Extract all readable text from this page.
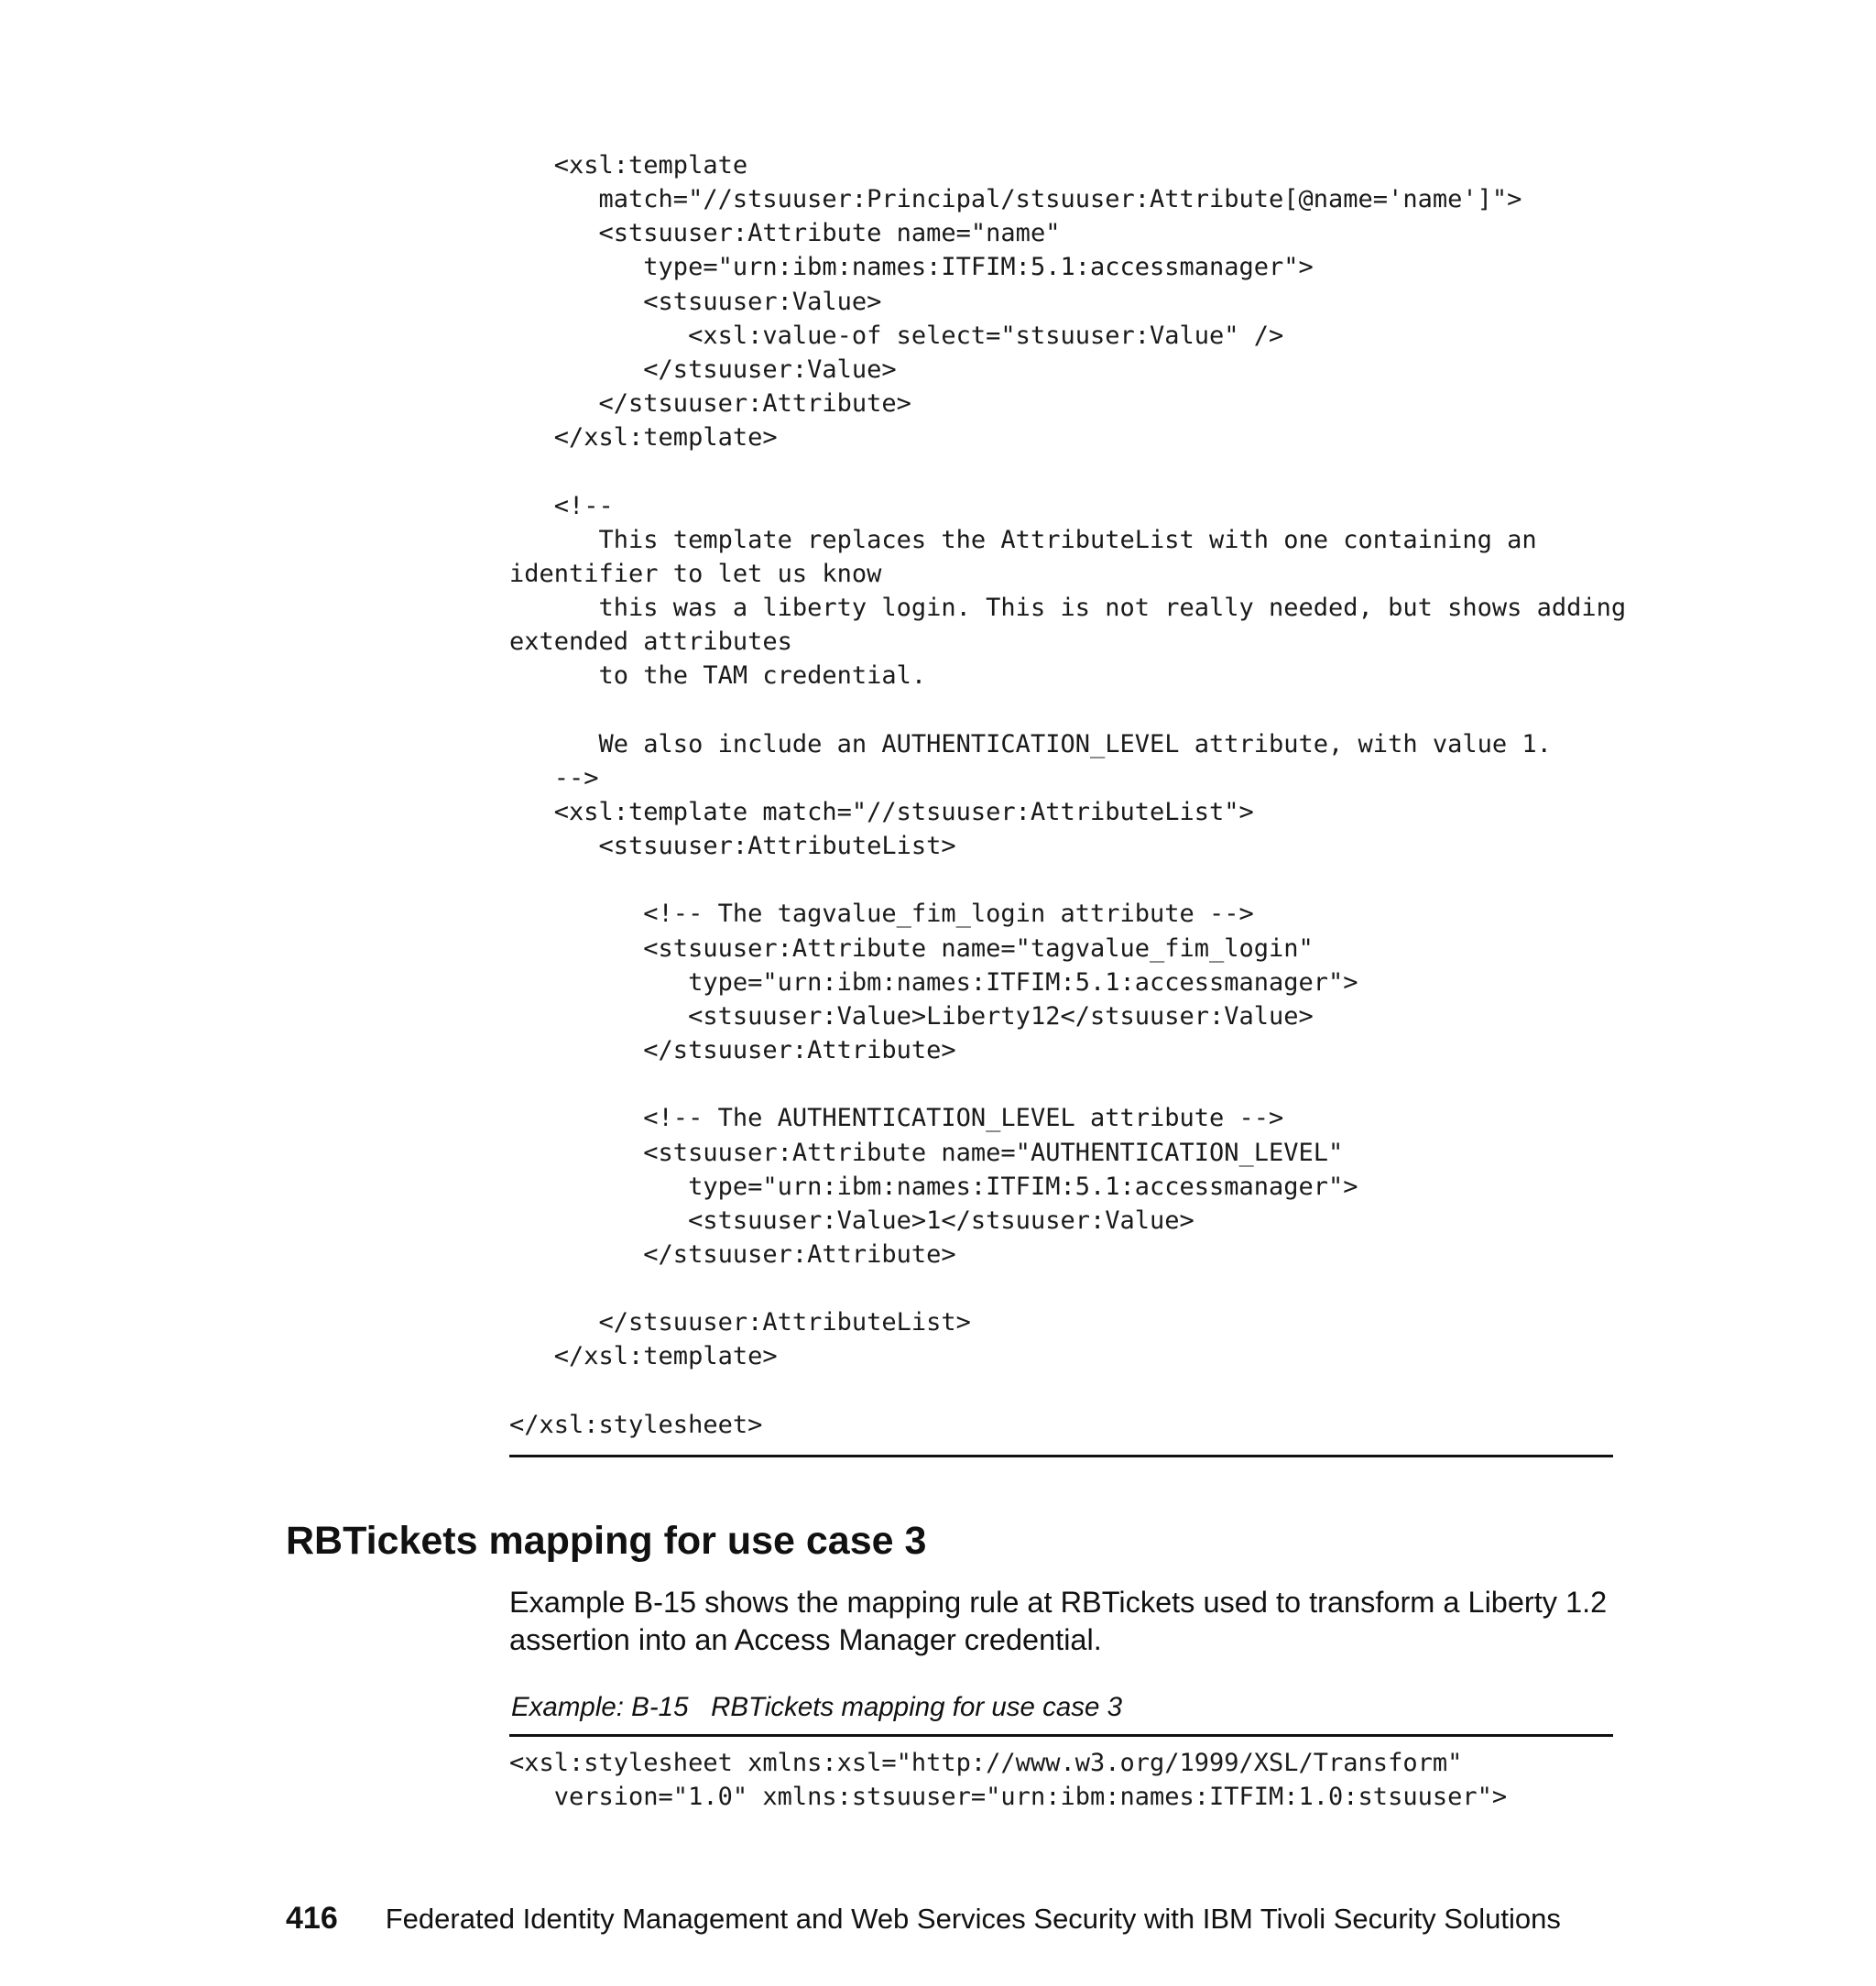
<xsl:template
match="//stsuuser:Principal/stsuuser:Attribute[@name='name']">
<stsuuser:Attribute name="name"
type="urn:ibm:names:ITFIM:5.1:accessmanager">
<stsuuser:Value>
<xsl:value-of select="stsuuser:Value" />
</stsuuser:Value>
</stsuuser:Attribute>
</xsl:template>

<!--
This template replaces the AttributeList with one containing an
identifier to let us know
this was a liberty login. This is not really needed, but shows adding
extended attributes
to the TAM credential.

We also include an AUTHENTICATION_LEVEL attribute, with value 1.
-->
<xsl:template match="//stsuuser:AttributeList">
<stsuuser:AttributeList>

<!-- The tagvalue_fim_login attribute -->
<stsuuser:Attribute name="tagvalue_fim_login"
type="urn:ibm:names:ITFIM:5.1:accessmanager">
<stsuuser:Value>Liberty12</stsuuser:Value>
</stsuuser:Attribute>

<!-- The AUTHENTICATION_LEVEL attribute -->
<stsuuser:Attribute name="AUTHENTICATION_LEVEL"
type="urn:ibm:names:ITFIM:5.1:accessmanager">
<stsuuser:Value>1</stsuuser:Value>
</stsuuser:Attribute>

</stsuuser:AttributeList>
</xsl:template>

</xsl:stylesheet>

RBTickets mapping for use case 3

Example B-15 shows the mapping rule at RBTickets used to transform a Liberty 1.2 assertion into an Access Manager credential.

Example: B-15   RBTickets mapping for use case 3
<xsl:stylesheet xmlns:xsl="http://www.w3.org/1999/XSL/Transform"
version="1.0" xmlns:stsuuser="urn:ibm:names:ITFIM:1.0:stsuuser">

416 Federated Identity Management and Web Services Security with IBM Tivoli Security Solutions
